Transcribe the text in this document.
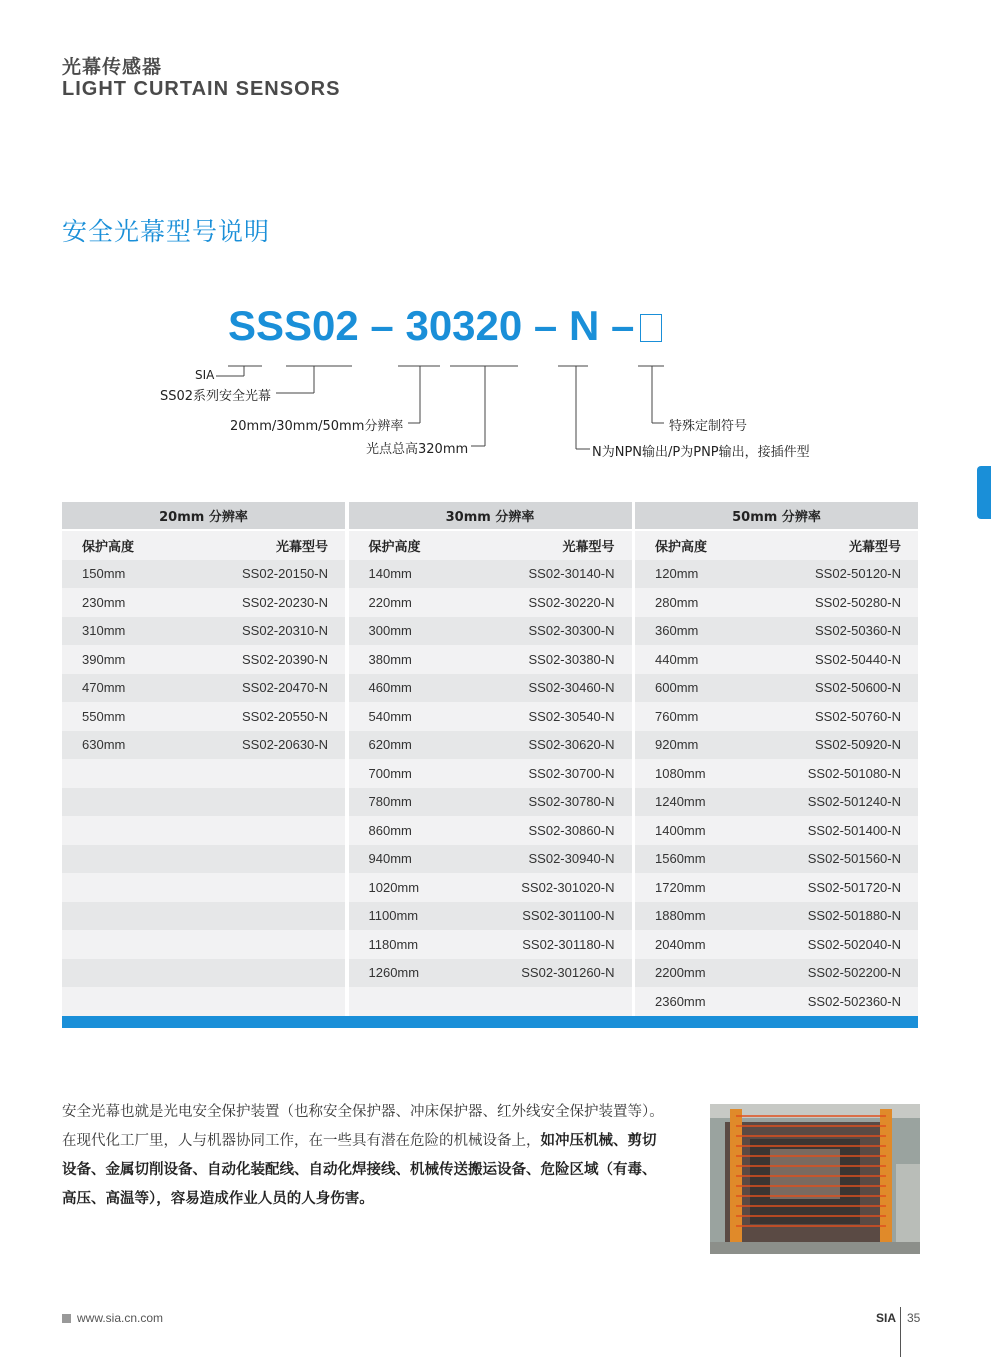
光幕传感器
LIGHT CURTAIN SENSORS
安全光幕型号说明
SSS02 – 30320 – N –
SIA
SS02系列安全光幕
20mm/30mm/50mm分辨率
光点总高320mm
特殊定制符号
N为NPN输出/P为PNP输出，接插件型
20mm 分辨率	30mm 分辨率	50mm 分辨率
保护高度	光幕型号
150mm	SS02-20150-N
230mm	SS02-20230-N
310mm	SS02-20310-N
390mm	SS02-20390-N
470mm	SS02-20470-N
550mm	SS02-20550-N
630mm	SS02-20630-N
保护高度	光幕型号
140mm	SS02-30140-N
220mm	SS02-30220-N
300mm	SS02-30300-N
380mm	SS02-30380-N
460mm	SS02-30460-N
540mm	SS02-30540-N
620mm	SS02-30620-N
700mm	SS02-30700-N
780mm	SS02-30780-N
860mm	SS02-30860-N
940mm	SS02-30940-N
1020mm	SS02-301020-N
1100mm	SS02-301100-N
1180mm	SS02-301180-N
1260mm	SS02-301260-N
保护高度	光幕型号
120mm	SS02-50120-N
280mm	SS02-50280-N
360mm	SS02-50360-N
440mm	SS02-50440-N
600mm	SS02-50600-N
760mm	SS02-50760-N
920mm	SS02-50920-N
1080mm	SS02-501080-N
1240mm	SS02-501240-N
1400mm	SS02-501400-N
1560mm	SS02-501560-N
1720mm	SS02-501720-N
1880mm	SS02-501880-N
2040mm	SS02-502040-N
2200mm	SS02-502200-N
2360mm	SS02-502360-N
安全光幕也就是光电安全保护装置（也称安全保护器、冲床保护器、红外线安全保护装置等）。在现代化工厂里，人与机器协同工作，在一些具有潜在危险的机械设备上，如冲压机械、剪切设备、金属切削设备、自动化装配线、自动化焊接线、机械传送搬运设备、危险区域（有毒、高压、高温等），容易造成作业人员的人身伤害。
www.sia.cn.com	SIA 35
